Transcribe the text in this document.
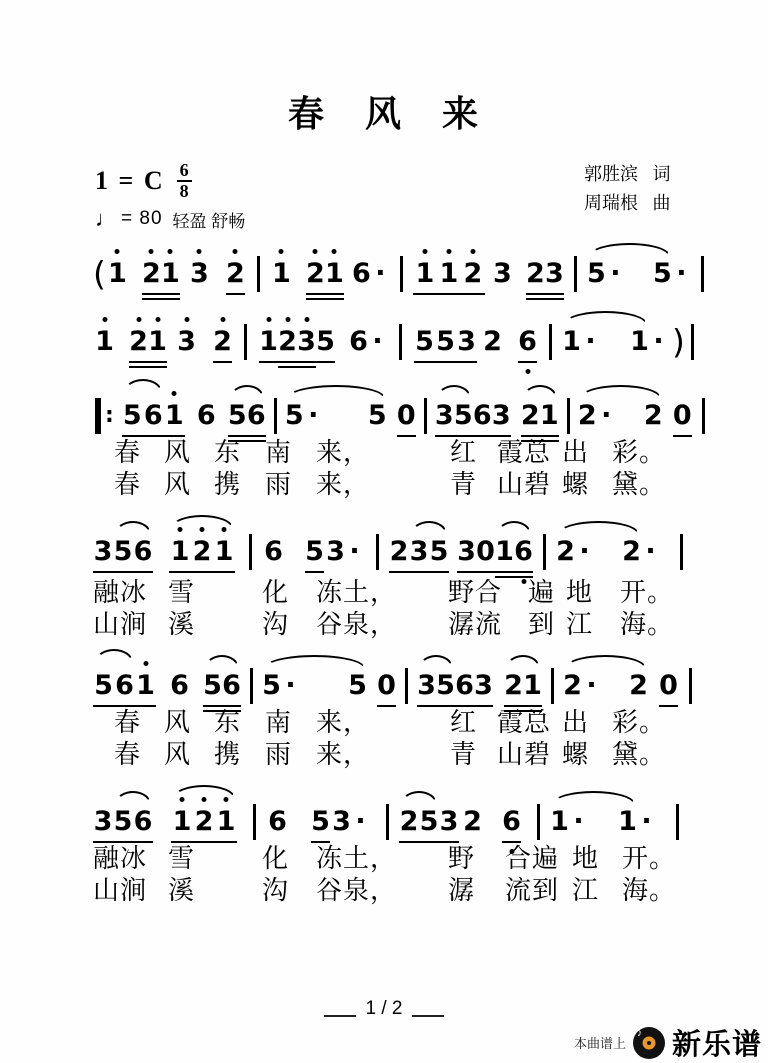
春 风 来
1 = C $\frac{6}{8}$
♩ = 80 轻盈 舒畅
郭胜滨 词
周瑞根 曲
( 1 2 1 3 2 1 2 1 6 · 1 1 2 3 2 3 5 · 5 ·
1 2 1 3 2 1 2 3 5 6 · 5 5 3 2 6 1 · 1 · )
: 5 6 1 6 5 6 5 · 5 0 3 5 6 3 2 1 2 · 2 0
3 5 6 1 2 1 6 5 3 · 2 3 5 3 0 1 6 2 · 2 ·
5 6 1 6 5 6 5 · 5 0 3 5 6 3 2 1 2 · 2 0
3 5 6 1 2 1 6 5 3 · 2 5 3 2 6 1 · 1 ·
春 风 东 南 来，	红 霞 总 出 彩。
春 风 携 雨 来，	青 山 碧 螺 黛。
融冰 雪	化 冻土， 野合 遍 地 开。
山涧 溪	沟 谷泉， 潺流 到 江 海。
春 风 东 南 来，	红 霞 总 出 彩。
春 风 携 雨 来，	青 山 碧 螺 黛。
融冰 雪	化 冻土， 野 合遍 地 开。
山涧 溪	沟 谷泉， 潺 流到 江 海。
1 / 2
本曲谱上
♪ 新乐谱
